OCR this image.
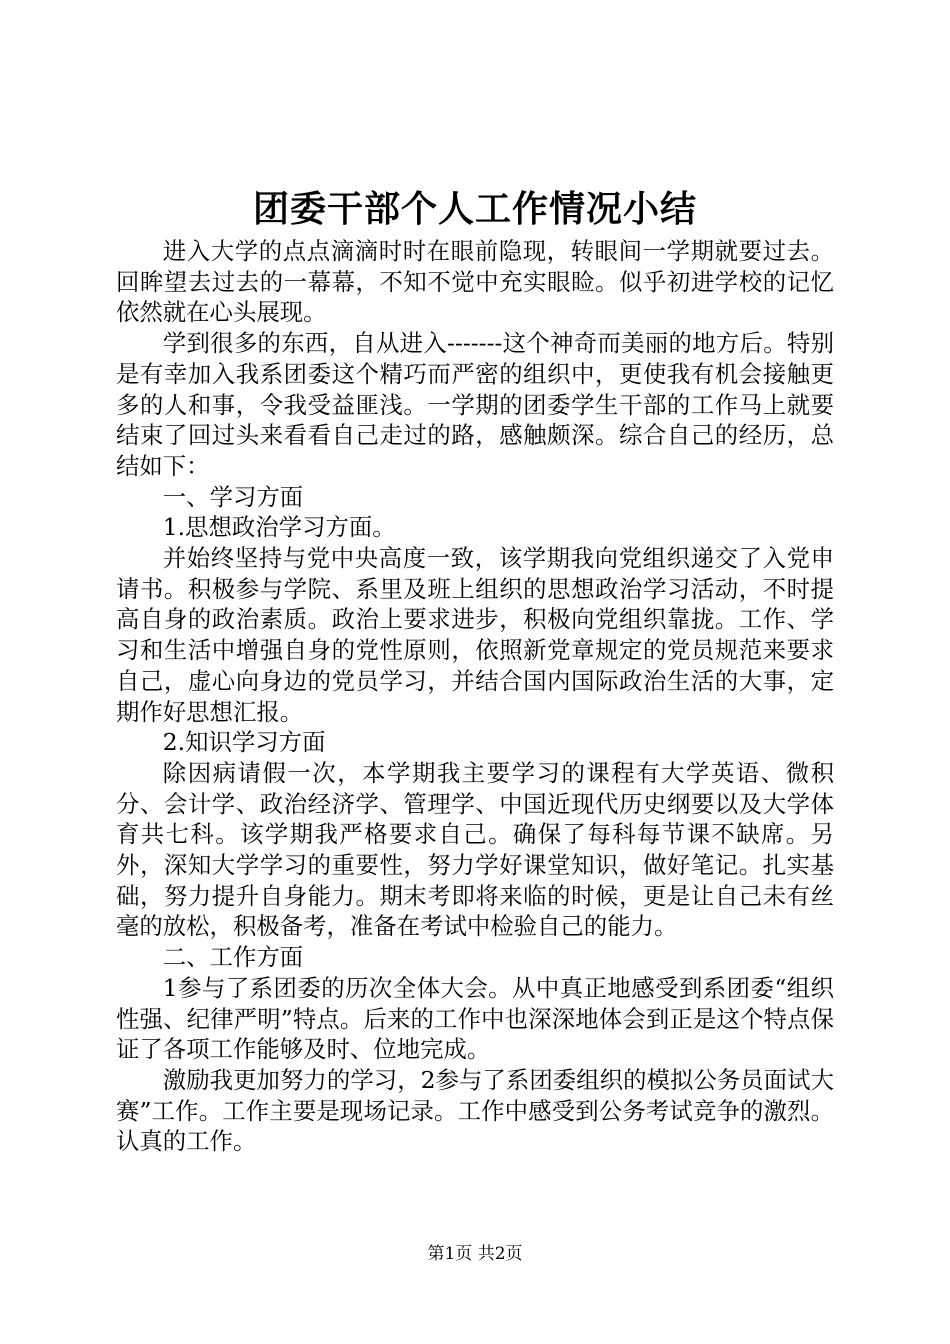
团委干部个人工作情况小结

进入大学的点点滴滴时时在眼前隐现，转眼间一学期就要过去。回眸望去过去的一幕幕，不知不觉中充实眼睑。似乎初进学校的记忆依然就在心头展现。

学到很多的东西，自从进入-------这个神奇而美丽的地方后。特别是有幸加入我系团委这个精巧而严密的组织中，更使我有机会接触更多的人和事，令我受益匪浅。一学期的团委学生干部的工作马上就要结束了回过头来看看自己走过的路，感触颇深。综合自己的经历，总结如下：

一、学习方面

1.思想政治学习方面。

并始终坚持与党中央高度一致，该学期我向党组织递交了入党申请书。积极参与学院、系里及班上组织的思想政治学习活动，不时提高自身的政治素质。政治上要求进步，积极向党组织靠拢。工作、学习和生活中增强自身的党性原则，依照新党章规定的党员规范来要求自己，虚心向身边的党员学习，并结合国内国际政治生活的大事，定期作好思想汇报。

2.知识学习方面

除因病请假一次，本学期我主要学习的课程有大学英语、微积分、会计学、政治经济学、管理学、中国近现代历史纲要以及大学体育共七科。该学期我严格要求自己。确保了每科每节课不缺席。另外，深知大学学习的重要性，努力学好课堂知识，做好笔记。扎实基础，努力提升自身能力。期末考即将来临的时候，更是让自己未有丝毫的放松，积极备考，准备在考试中检验自己的能力。

二、工作方面

1参与了系团委的历次全体大会。从中真正地感受到系团委“组织性强、纪律严明”特点。后来的工作中也深深地体会到正是这个特点保证了各项工作能够及时、位地完成。

激励我更加努力的学习，2参与了系团委组织的模拟公务员面试大赛”工作。工作主要是现场记录。工作中感受到公务考试竞争的激烈。认真的工作。

第1页 共2页
